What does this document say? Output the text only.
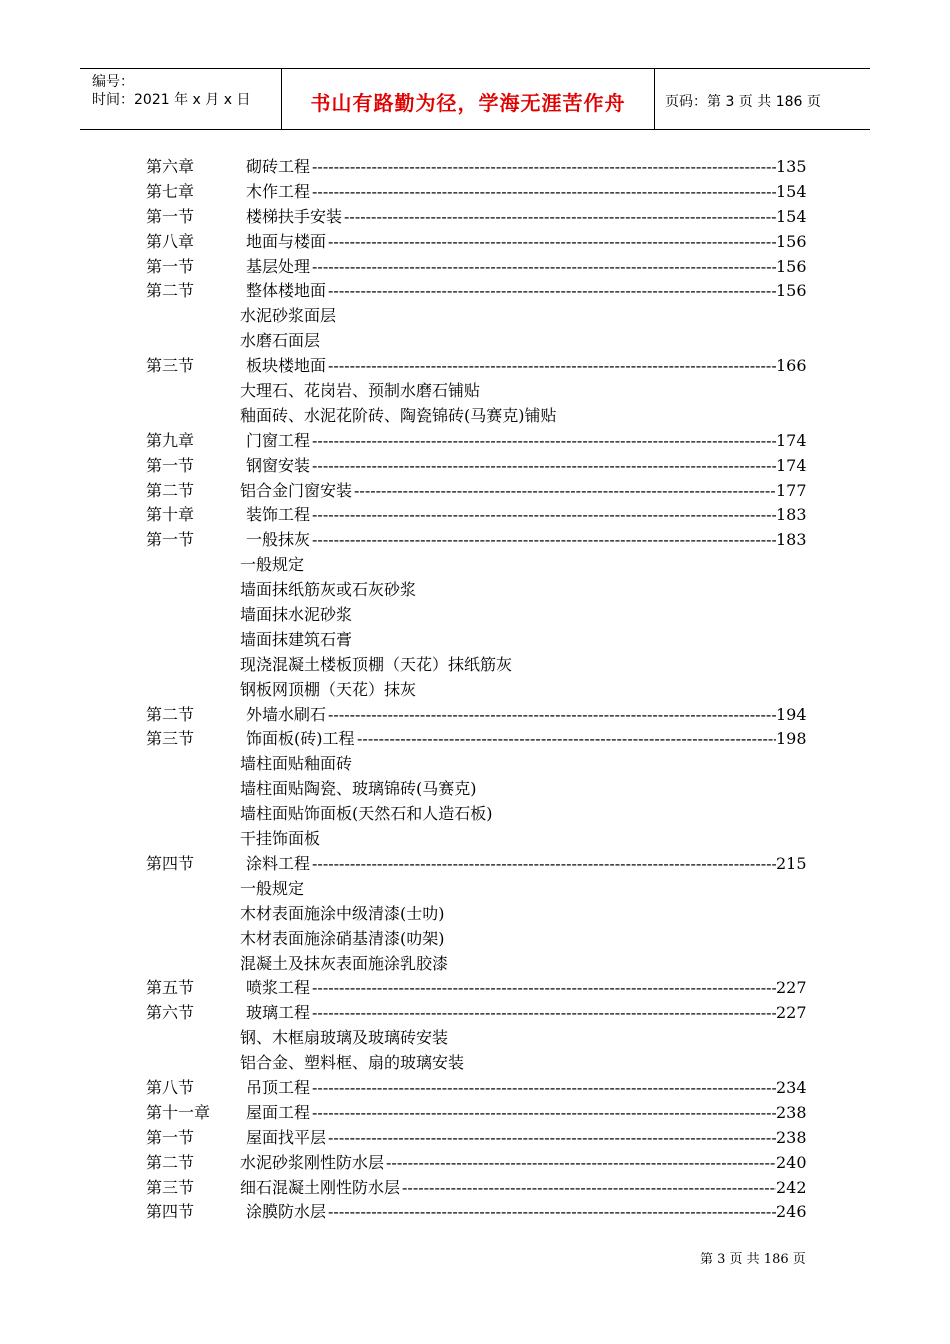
编号：
时间：2021 年 x 月 x 日	书山有路勤为径，学海无涯苦作舟	页码：第 3 页 共 186 页
第六章	砌砖工程 -----	135
第七章	木作工程 -----	154
第一节	楼梯扶手安装 -----	154
第八章	地面与楼面 -----	156
第一节	基层处理 -----	156
第二节	整体楼地面 -----	156
水泥砂浆面层
水磨石面层
第三节	板块楼地面 -----	166
大理石、花岗岩、预制水磨石铺贴
釉面砖、水泥花阶砖、陶瓷锦砖(马赛克)铺贴
第九章	门窗工程 -----	174
第一节	钢窗安装 -----	174
第二节	铝合金门窗安装 -----	177
第十章	装饰工程 -----	183
第一节	一般抹灰 -----	183
一般规定
墙面抹纸筋灰或石灰砂浆
墙面抹水泥砂浆
墙面抹建筑石膏
现浇混凝土楼板顶棚（天花）抹纸筋灰
钢板网顶棚（天花）抹灰
第二节	外墙水刷石 -----	194
第三节	饰面板(砖)工程 -----	198
墙柱面贴釉面砖
墙柱面贴陶瓷、玻璃锦砖(马赛克)
墙柱面贴饰面板(天然石和人造石板)
干挂饰面板
第四节	涂料工程 -----	215
一般规定
木材表面施涂中级清漆(士叻)
木材表面施涂硝基清漆(叻架)
混凝土及抹灰表面施涂乳胶漆
第五节	喷浆工程 -----	227
第六节	玻璃工程 -----	227
钢、木框扇玻璃及玻璃砖安装
铝合金、塑料框、扇的玻璃安装
第八节	吊顶工程 -----	234
第十一章 屋面工程 -----	238
第一节	屋面找平层 -----	238
第二节	水泥砂浆刚性防水层 -----	240
第三节	细石混凝土刚性防水层 -----	242
第四节	涂膜防水层 -----	246
第 3 页 共 186 页
